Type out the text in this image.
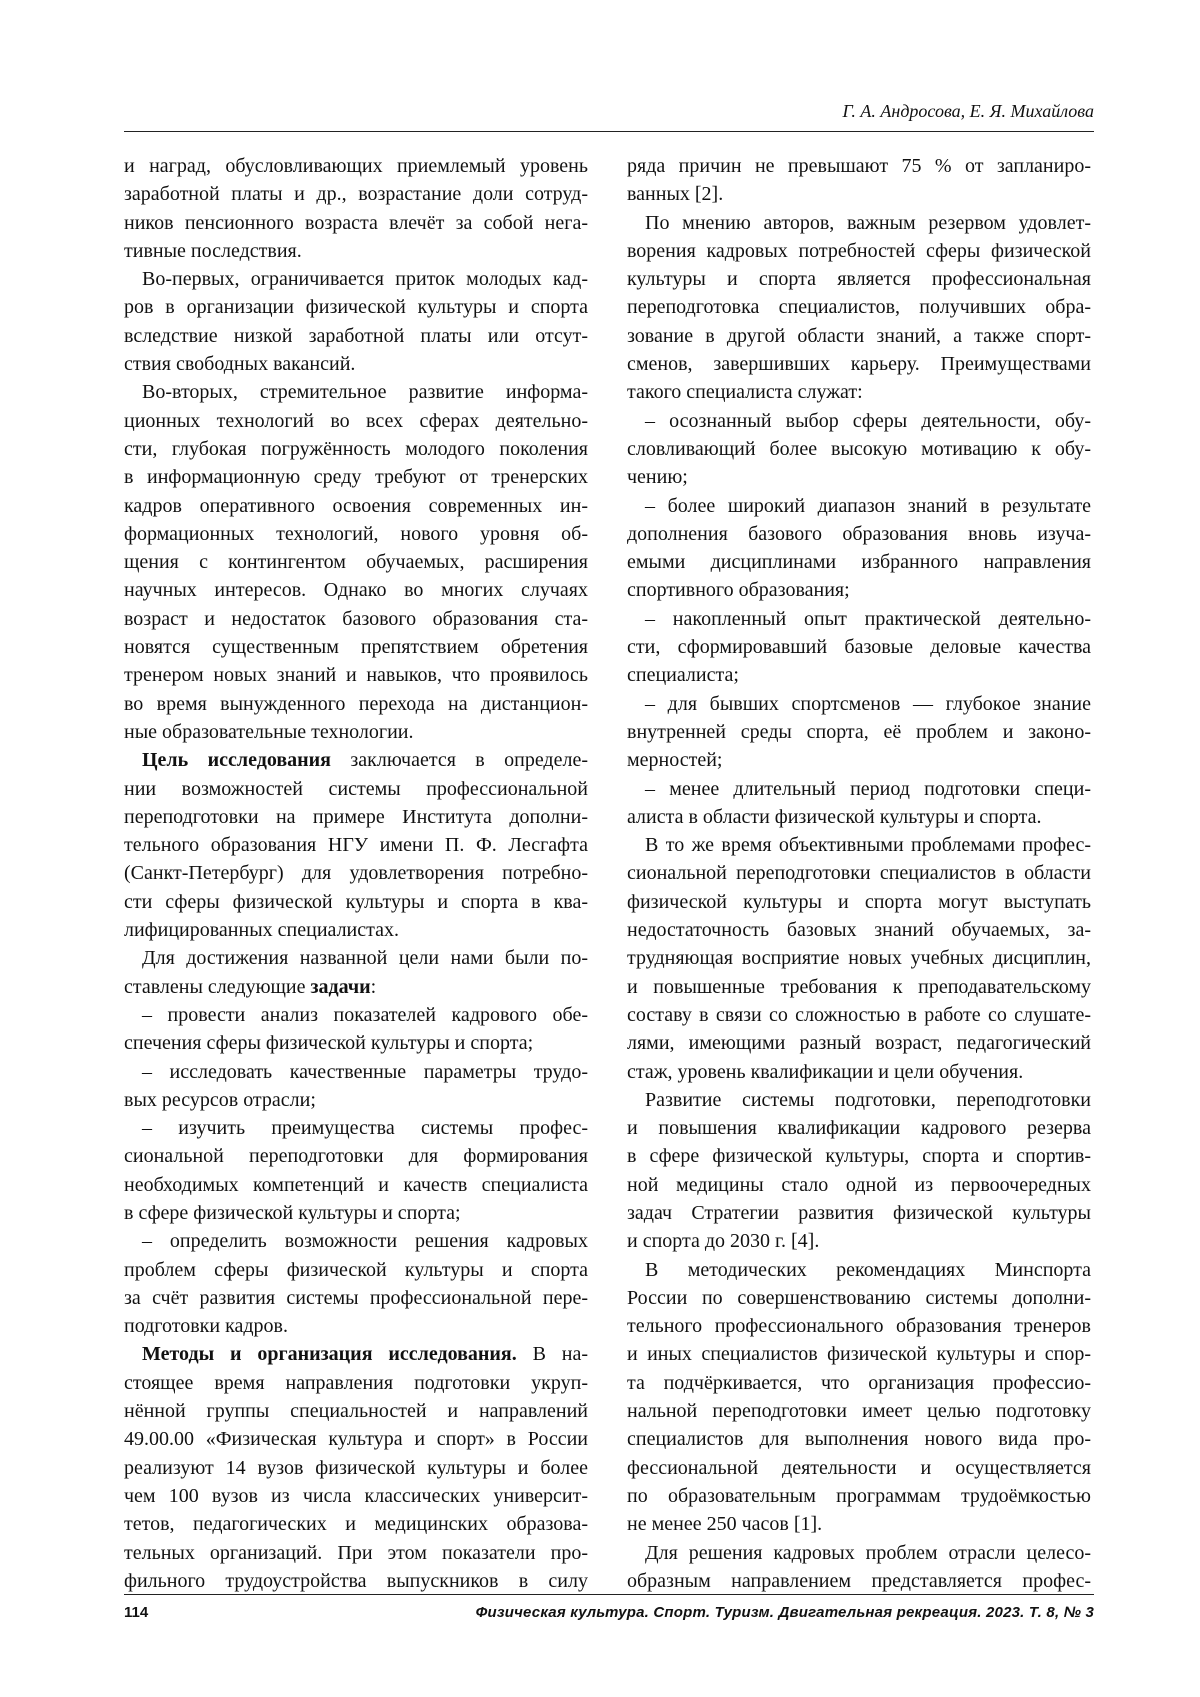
Г. А. Андросова, Е. Я. Михайлова
и наград, обусловливающих приемлемый уровень
заработной платы и др., возрастание доли сотруд-
ников пенсионного возраста влечёт за собой нега-
тивные последствия.
Во-первых, ограничивается приток молодых кад-
ров в организации физической культуры и спорта
вследствие низкой заработной платы или отсут-
ствия свободных вакансий.
Во-вторых, стремительное развитие информа-
ционных технологий во всех сферах деятельно-
сти, глубокая погружённость молодого поколения
в информационную среду требуют от тренерских
кадров оперативного освоения современных ин-
формационных технологий, нового уровня об-
щения с контингентом обучаемых, расширения
научных интересов. Однако во многих случаях
возраст и недостаток базового образования ста-
новятся существенным препятствием обретения
тренером новых знаний и навыков, что проявилось
во время вынужденного перехода на дистанцион-
ные образовательные технологии.
Цель исследования заключается в определе-
нии возможностей системы профессиональной
переподготовки на примере Института дополни-
тельного образования НГУ имени П. Ф. Лесгафта
(Санкт-Петербург) для удовлетворения потребно-
сти сферы физической культуры и спорта в ква-
лифицированных специалистах.
Для достижения названной цели нами были по-
ставлены следующие задачи:
– провести анализ показателей кадрового обе-
спечения сферы физической культуры и спорта;
– исследовать качественные параметры трудо-
вых ресурсов отрасли;
– изучить преимущества системы профес-
сиональной переподготовки для формирования
необходимых компетенций и качеств специалиста
в сфере физической культуры и спорта;
– определить возможности решения кадровых
проблем сферы физической культуры и спорта
за счёт развития системы профессиональной пере-
подготовки кадров.
Методы и организация исследования. В на-
стоящее время направления подготовки укруп-
нённой группы специальностей и направлений
49.00.00 «Физическая культура и спорт» в России
реализуют 14 вузов физической культуры и более
чем 100 вузов из числа классических университ-
тетов, педагогических и медицинских образова-
тельных организаций. При этом показатели про-
фильного трудоустройства выпускников в силу
ряда причин не превышают 75 % от запланиро-
ванных [2].
По мнению авторов, важным резервом удовлет-
ворения кадровых потребностей сферы физической
культуры и спорта является профессиональная
переподготовка специалистов, получивших обра-
зование в другой области знаний, а также спорт-
сменов, завершивших карьеру. Преимуществами
такого специалиста служат:
– осознанный выбор сферы деятельности, обу-
словливающий более высокую мотивацию к обу-
чению;
– более широкий диапазон знаний в результате
дополнения базового образования вновь изуча-
емыми дисциплинами избранного направления
спортивного образования;
– накопленный опыт практической деятельно-
сти, сформировавший базовые деловые качества
специалиста;
– для бывших спортсменов — глубокое знание
внутренней среды спорта, её проблем и законо-
мерностей;
– менее длительный период подготовки специ-
алиста в области физической культуры и спорта.
В то же время объективными проблемами профес-
сиональной переподготовки специалистов в области
физической культуры и спорта могут выступать
недостаточность базовых знаний обучаемых, за-
трудняющая восприятие новых учебных дисциплин,
и повышенные требования к преподавательскому
составу в связи со сложностью в работе со слушате-
лями, имеющими разный возраст, педагогический
стаж, уровень квалификации и цели обучения.
Развитие системы подготовки, переподготовки
и повышения квалификации кадрового резерва
в сфере физической культуры, спорта и спортив-
ной медицины стало одной из первоочередных
задач Стратегии развития физической культуры
и спорта до 2030 г. [4].
В методических рекомендациях Минспорта
России по совершенствованию системы дополни-
тельного профессионального образования тренеров
и иных специалистов физической культуры и спор-
та подчёркивается, что организация профессио-
нальной переподготовки имеет целью подготовку
специалистов для выполнения нового вида про-
фессиональной деятельности и осуществляется
по образовательным программам трудоёмкостью
не менее 250 часов [1].
Для решения кадровых проблем отрасли целесо-
образным направлением представляется профес-
114	Физическая культура. Спорт. Туризм. Двигательная рекреация. 2023. Т. 8, № 3
